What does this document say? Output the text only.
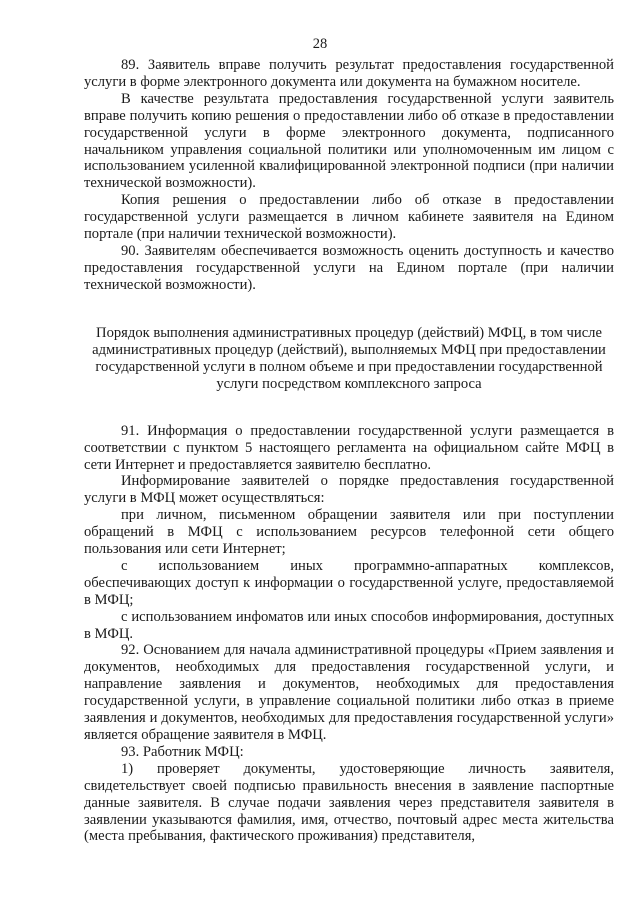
28

89. Заявитель вправе получить результат предоставления государственной услуги в форме электронного документа или документа на бумажном носителе.

В качестве результата предоставления государственной услуги заявитель вправе получить копию решения о предоставлении либо об отказе в предоставлении государственной услуги в форме электронного документа, подписанного начальником управления социальной политики или уполномоченным им лицом с использованием усиленной квалифицированной электронной подписи (при наличии технической возможности).

Копия решения о предоставлении либо об отказе в предоставлении государственной услуги размещается в личном кабинете заявителя на Едином портале (при наличии технической возможности).

90. Заявителям обеспечивается возможность оценить доступность и качество предоставления государственной услуги на Едином портале (при наличии технической возможности).

Порядок выполнения административных процедур (действий) МФЦ, в том числе административных процедур (действий), выполняемых МФЦ при предоставлении государственной услуги в полном объеме и при предоставлении государственной услуги посредством комплексного запроса

91. Информация о предоставлении государственной услуги размещается в соответствии с пунктом 5 настоящего регламента на официальном сайте МФЦ в сети Интернет и предоставляется заявителю бесплатно.

Информирование заявителей о порядке предоставления государственной услуги в МФЦ может осуществляться:

при личном, письменном обращении заявителя или при поступлении обращений в МФЦ с использованием ресурсов телефонной сети общего пользования или сети Интернет;

с использованием иных программно-аппаратных комплексов, обеспечивающих доступ к информации о государственной услуге, предоставляемой в МФЦ;

с использованием инфоматов или иных способов информирования, доступных в МФЦ.

92. Основанием для начала административной процедуры «Прием заявления и документов, необходимых для предоставления государственной услуги, и направление заявления и документов, необходимых для предоставления государственной услуги, в управление социальной политики либо отказ в приеме заявления и документов, необходимых для предоставления государственной услуги» является обращение заявителя в МФЦ.

93. Работник МФЦ:

1) проверяет документы, удостоверяющие личность заявителя, свидетельствует своей подписью правильность внесения в заявление паспортные данные заявителя. В случае подачи заявления через представителя заявителя в заявлении указываются фамилия, имя, отчество, почтовый адрес места жительства (места пребывания, фактического проживания) представителя,
